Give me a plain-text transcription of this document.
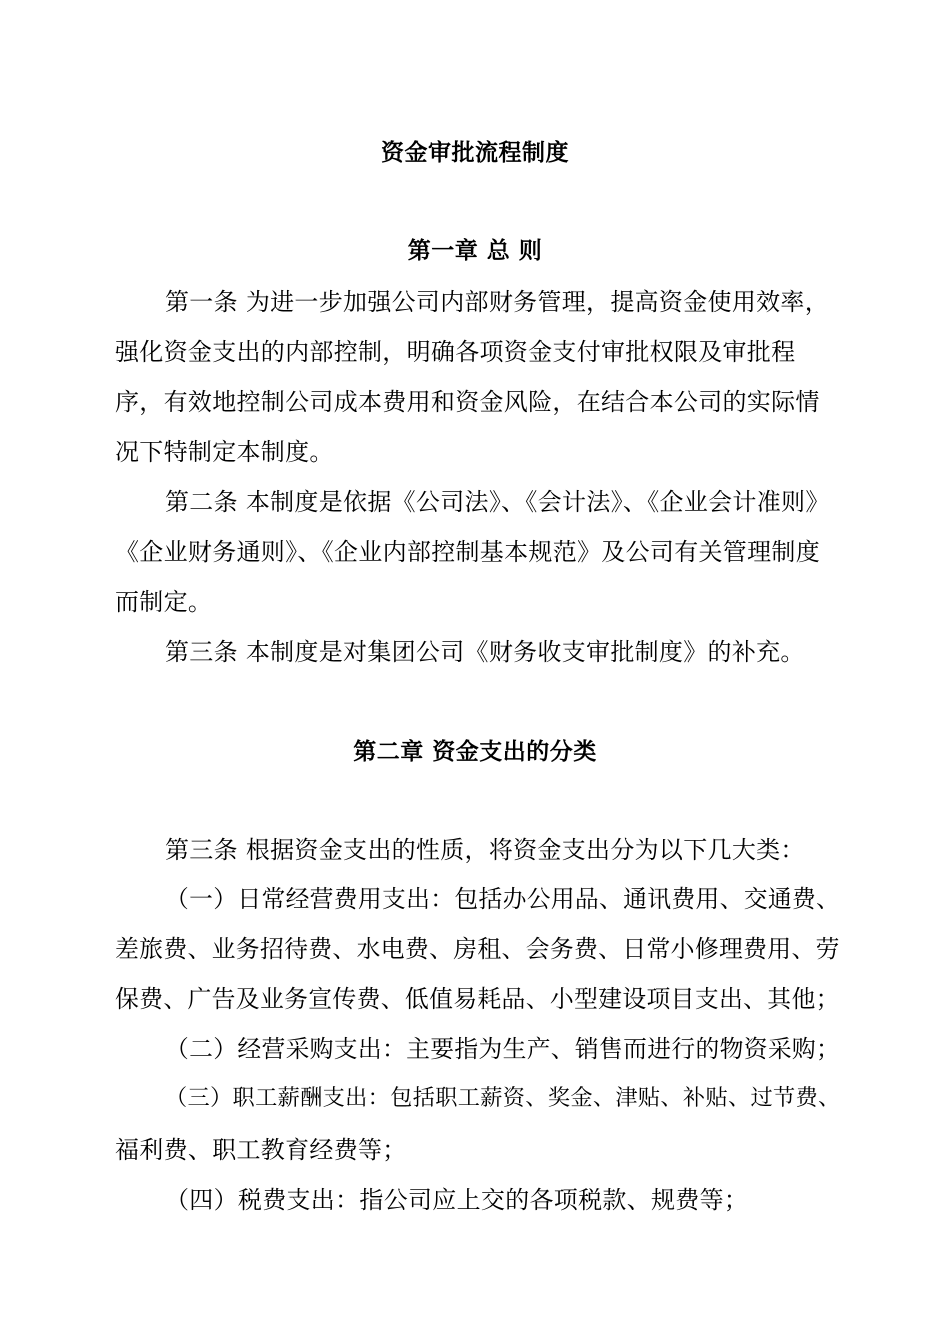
资金审批流程制度
第一章 总 则
第一条 为进一步加强公司内部财务管理，提高资金使用效率，
强化资金支出的内部控制，明确各项资金支付审批权限及审批程
序，有效地控制公司成本费用和资金风险，在结合本公司的实际情
况下特制定本制度。
第二条 本制度是依据《公司法》、《会计法》、《企业会计准则》
《企业财务通则》、《企业内部控制基本规范》及公司有关管理制度
而制定。
第三条 本制度是对集团公司《财务收支审批制度》的补充。
第二章 资金支出的分类
第三条 根据资金支出的性质，将资金支出分为以下几大类：
（一）日常经营费用支出：包括办公用品、通讯费用、交通费、
差旅费、业务招待费、水电费、房租、会务费、日常小修理费用、劳
保费、广告及业务宣传费、低值易耗品、小型建设项目支出、其他；
（二）经营采购支出：主要指为生产、销售而进行的物资采购；
（三）职工薪酬支出：包括职工薪资、奖金、津贴、补贴、过节费、
福利费、职工教育经费等；
（四）税费支出：指公司应上交的各项税款、规费等；
